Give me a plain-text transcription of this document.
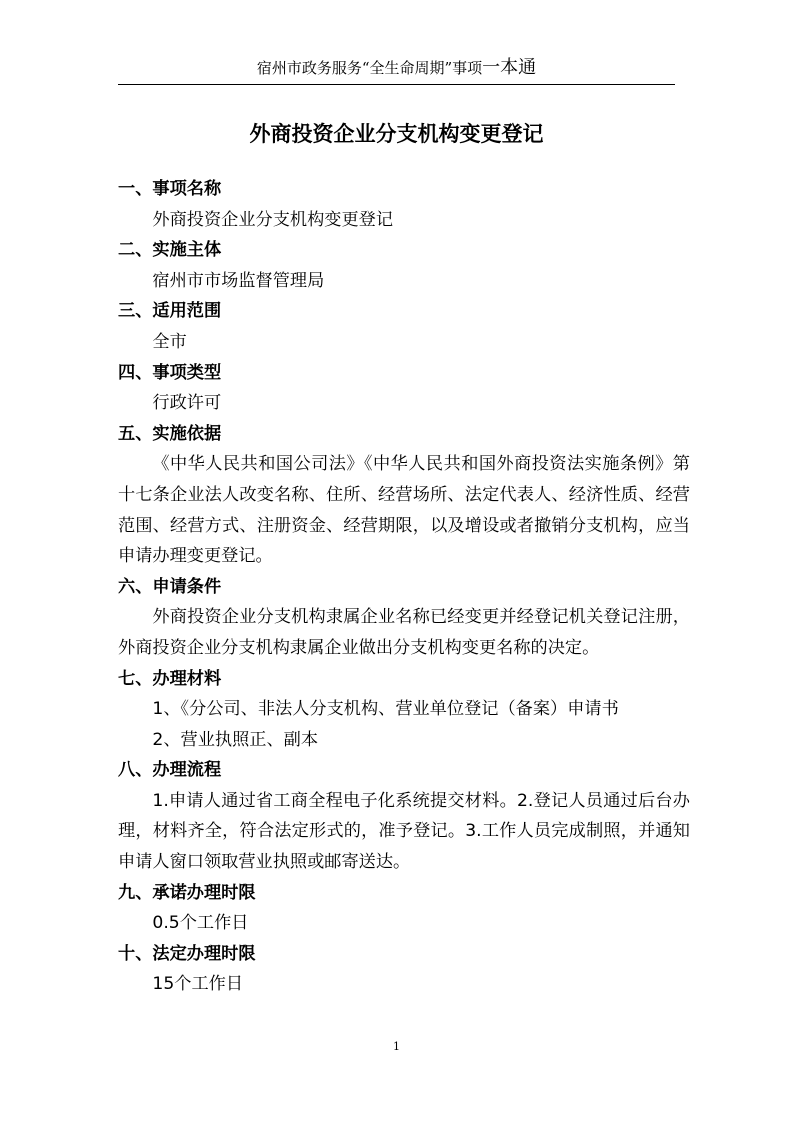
宿州市政务服务“全生命周期”事项一本通
外商投资企业分支机构变更登记
一、事项名称

外商投资企业分支机构变更登记

二、实施主体

宿州市市场监督管理局

三、适用范围

全市

四、事项类型

行政许可

五、实施依据

《中华人民共和国公司法》《中华人民共和国外商投资法实施条例》第十七条企业法人改变名称、住所、经营场所、法定代表人、经济性质、经营范围、经营方式、注册资金、经营期限，以及增设或者撤销分支机构，应当申请办理变更登记。

六、申请条件

外商投资企业分支机构隶属企业名称已经变更并经登记机关登记注册，外商投资企业分支机构隶属企业做出分支机构变更名称的决定。

七、办理材料

1、《分公司、非法人分支机构、营业单位登记（备案）申请书

2、营业执照正、副本

八、办理流程

1.申请人通过省工商全程电子化系统提交材料。2.登记人员通过后台办理，材料齐全，符合法定形式的，准予登记。3.工作人员完成制照，并通知申请人窗口领取营业执照或邮寄送达。

九、承诺办理时限

0.5个工作日

十、法定办理时限

15个工作日

1
